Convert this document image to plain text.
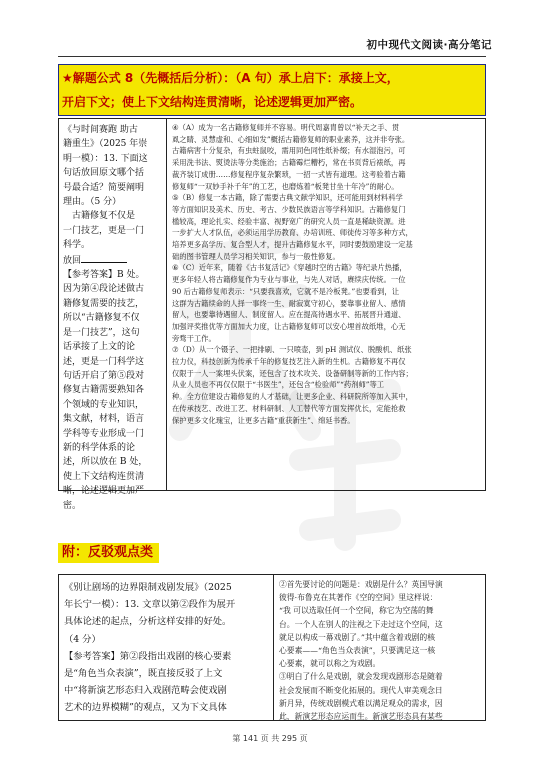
初中现代文阅读·高分笔记
★解题公式 8（先概括后分析）：（A 句）承上启下：承接上文，
开启下文；使上下文结构连贯清晰，论述逻辑更加严密。

《与时间赛跑 助古

籍重生》（2025 年崇

明一模）：13. 下面这

句话放回原文哪个括

号最合适？简要阐明

理由。（5 分）

　古籍修复不仅是

一门技艺，更是一门

科学。

放回

【参考答案】B 处。

因为第④段论述做古

籍修复需要的技艺，

所以“古籍修复不仅

是一门技艺”，这句

话承接了上文的论

述，更是一门科学这

句话开启了第⑤段对

修复古籍需要熟知各

个领域的专业知识，

集文献，材料，语言

学科等专业形成一门

新的科学体系的论

述，所以放在 B 处，

使上下文结构连贯清

晰，论述逻辑更加严

密。

④（A）成为一名古籍修复师并不容易。明代周嘉胄曾以“补天之手、贯

虱之睛、灵慧虚和、心细如发”概括古籍修复师的职业素养，这并非夸张。

古籍病害十分复杂，有虫蛀鼠咬，需用同色同性纸补缀；有水湿泡污，可

采用洗书法、熨烫法等分类施治；古籍霉烂糟朽，常在书页背后裱纸，再

裁齐装订成册……修复程序复杂繁琐，一招一式皆有道理。这考验着古籍

修复师“一双妙手补千年”的工艺，也磨炼着“板凳甘坐十年冷”的耐心。

⑤（B）修复一本古籍，除了需要古典文献学知识，还可能用到材料科学

等方面知识及美术、历史、考古、少数民族语言等学科知识。古籍修复门

槛较高，理论扎实、经验丰富、视野宽广的研究人员一直是稀缺资源。进

一步扩大人才队伍，必须运用学历教育、办培训班、师徒传习等多种方式，

培养更多高学历、复合型人才，提升古籍修复水平，同时要鼓励建设一定基

础的图书管理人员学习相关知识，参与一般性修复。

⑥（C）近年来，随着《古书复活记》《穿越时空的古籍》等纪录片热播，

更多年轻人将古籍修复作为专业与事业，与先人对话，赓续庆传统。一位

90 后古籍修复师表示：“只要我喜欢，它就不是冷板凳。”也要看到，让

这群为古籍续命的人择一事终一生、耐寂寞守初心，要靠事业留人、感情

留人，也要靠待遇留人、制度留人。应在提高待遇水平、拓展晋升通道、

加强评奖推优等方面加大力度，让古籍修复师可以安心埋首故纸堆，心无

旁骛干工作。

⑦（D）从一个镊子、一把排刷、一只喷壶，到 pH 测试仪、脱酸机、纸张

拉力仪，科技创新为传承千年的修复技艺注入新的生机。古籍修复不再仅

仅限于一人一案埋头伏案，还包含了技术攻关、设备研制等新的工作内容；

从业人员也不再仅仅限于“书医生”，还包含“检验师”“药剂师”等工

种。全方位建设古籍修复的人才基础，让更多企业、科研院所等加入其中，

在传承技艺、改进工艺、材料研制、人工替代等方面发挥优长，定能抢救

保护更多文化瑰宝，让更多古籍“重获新生”、绵延书香。

附：反驳观点类

《别让剧场的边界限制戏剧发展》（2025

年长宁一模）：13. 文章以第②段作为展开

具体论述的起点，分析这样安排的好处。

（4 分）

【参考答案】第②段指出戏剧的核心要素

是“角色当众表演”，既直接反驳了上文

中“将新演艺形态归入戏剧范畴会使戏剧

艺术的边界模糊”的观点，又为下文具体

②首先要讨论的问题是：戏剧是什么？英国导演

彼得·布鲁克在其著作《空的空间》里这样说：

“我 可以选取任何一个空间，称它为空荡的舞

台。一个人在别人的注视之下走过这个空间，这

就足以构成一幕戏剧了。”其中蕴含着戏剧的核

心要素——“角色当众表演”，只要满足这一核

心要素，就可以称之为戏剧。

③明白了什么是戏剧，就会发现戏剧形态是随着

社会发展而不断变化拓展的。现代人审美观念日

新月异，传统戏剧模式难以满足观众的需求，因

此，新演艺形态应运而生。新演艺形态具有某些

第 141 页 共 295 页
